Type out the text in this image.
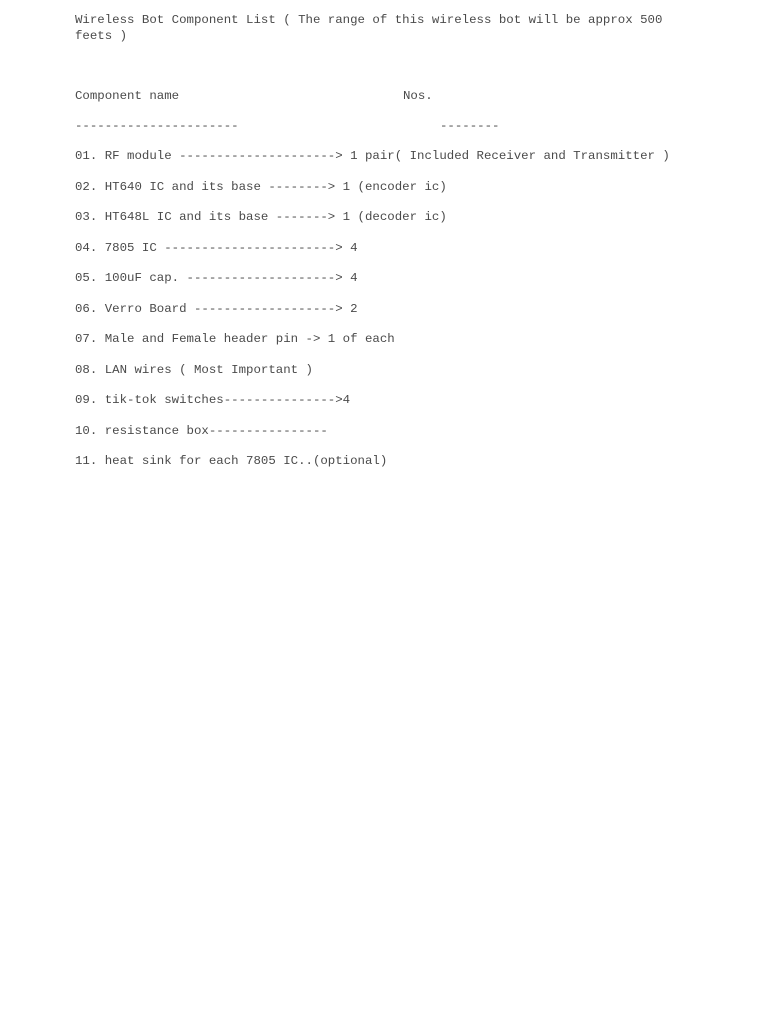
Wireless Bot Component List ( The range of this wireless bot will be approx 500 feets )

Component name	Nos.
----------------------	--------

01. RF module ---------------------> 1 pair( Included Receiver and Transmitter )

02. HT640 IC and its base --------> 1 (encoder ic)

03. HT648L IC and its base -------> 1 (decoder ic)

04. 7805 IC -----------------------> 4

05. 100uF cap. --------------------> 4

06. Verro Board -------------------> 2

07. Male and Female header pin -> 1 of each

08. LAN wires ( Most Important )

09. tik-tok switches--------------->4

10. resistance box----------------

11. heat sink for each 7805 IC..(optional)
